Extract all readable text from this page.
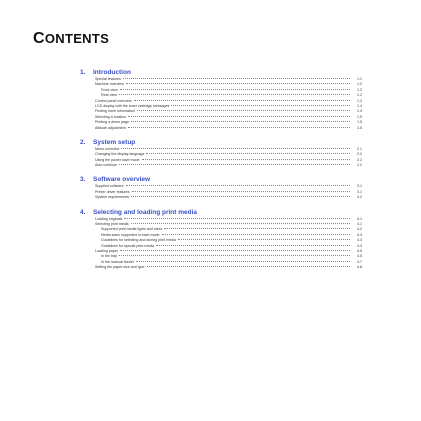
CONTENTS
1.	Introduction
Special features	1.1
Machine overview	1.2
Front view	1.2
Rear view	1.2
Control panel overview	1.3
LCD display with the toner cartridge messages	1.4
Finding more information	1.4
Selecting a location	1.5
Printing a demo page	1.5
Altitude adjustment	1.5
2.	System setup
Menu overview	2.1
Changing the display language	2.2
Using the power save mode	2.2
Auto continue	2.2
3.	Software overview
Supplied software	3.1
Printer driver features	3.1
System requirements	3.2
4.	Selecting and loading print media
Loading originals	4.1
Selecting print media	4.1
Supported print media types and sizes	4.2
Media sizes supported in each mode	4.3
Guidelines for selecting and storing print media	4.3
Guidelines for special print media	4.3
Loading paper	4.5
In the tray	4.5
In the manual feeder	4.7
Setting the paper size and type	4.8
